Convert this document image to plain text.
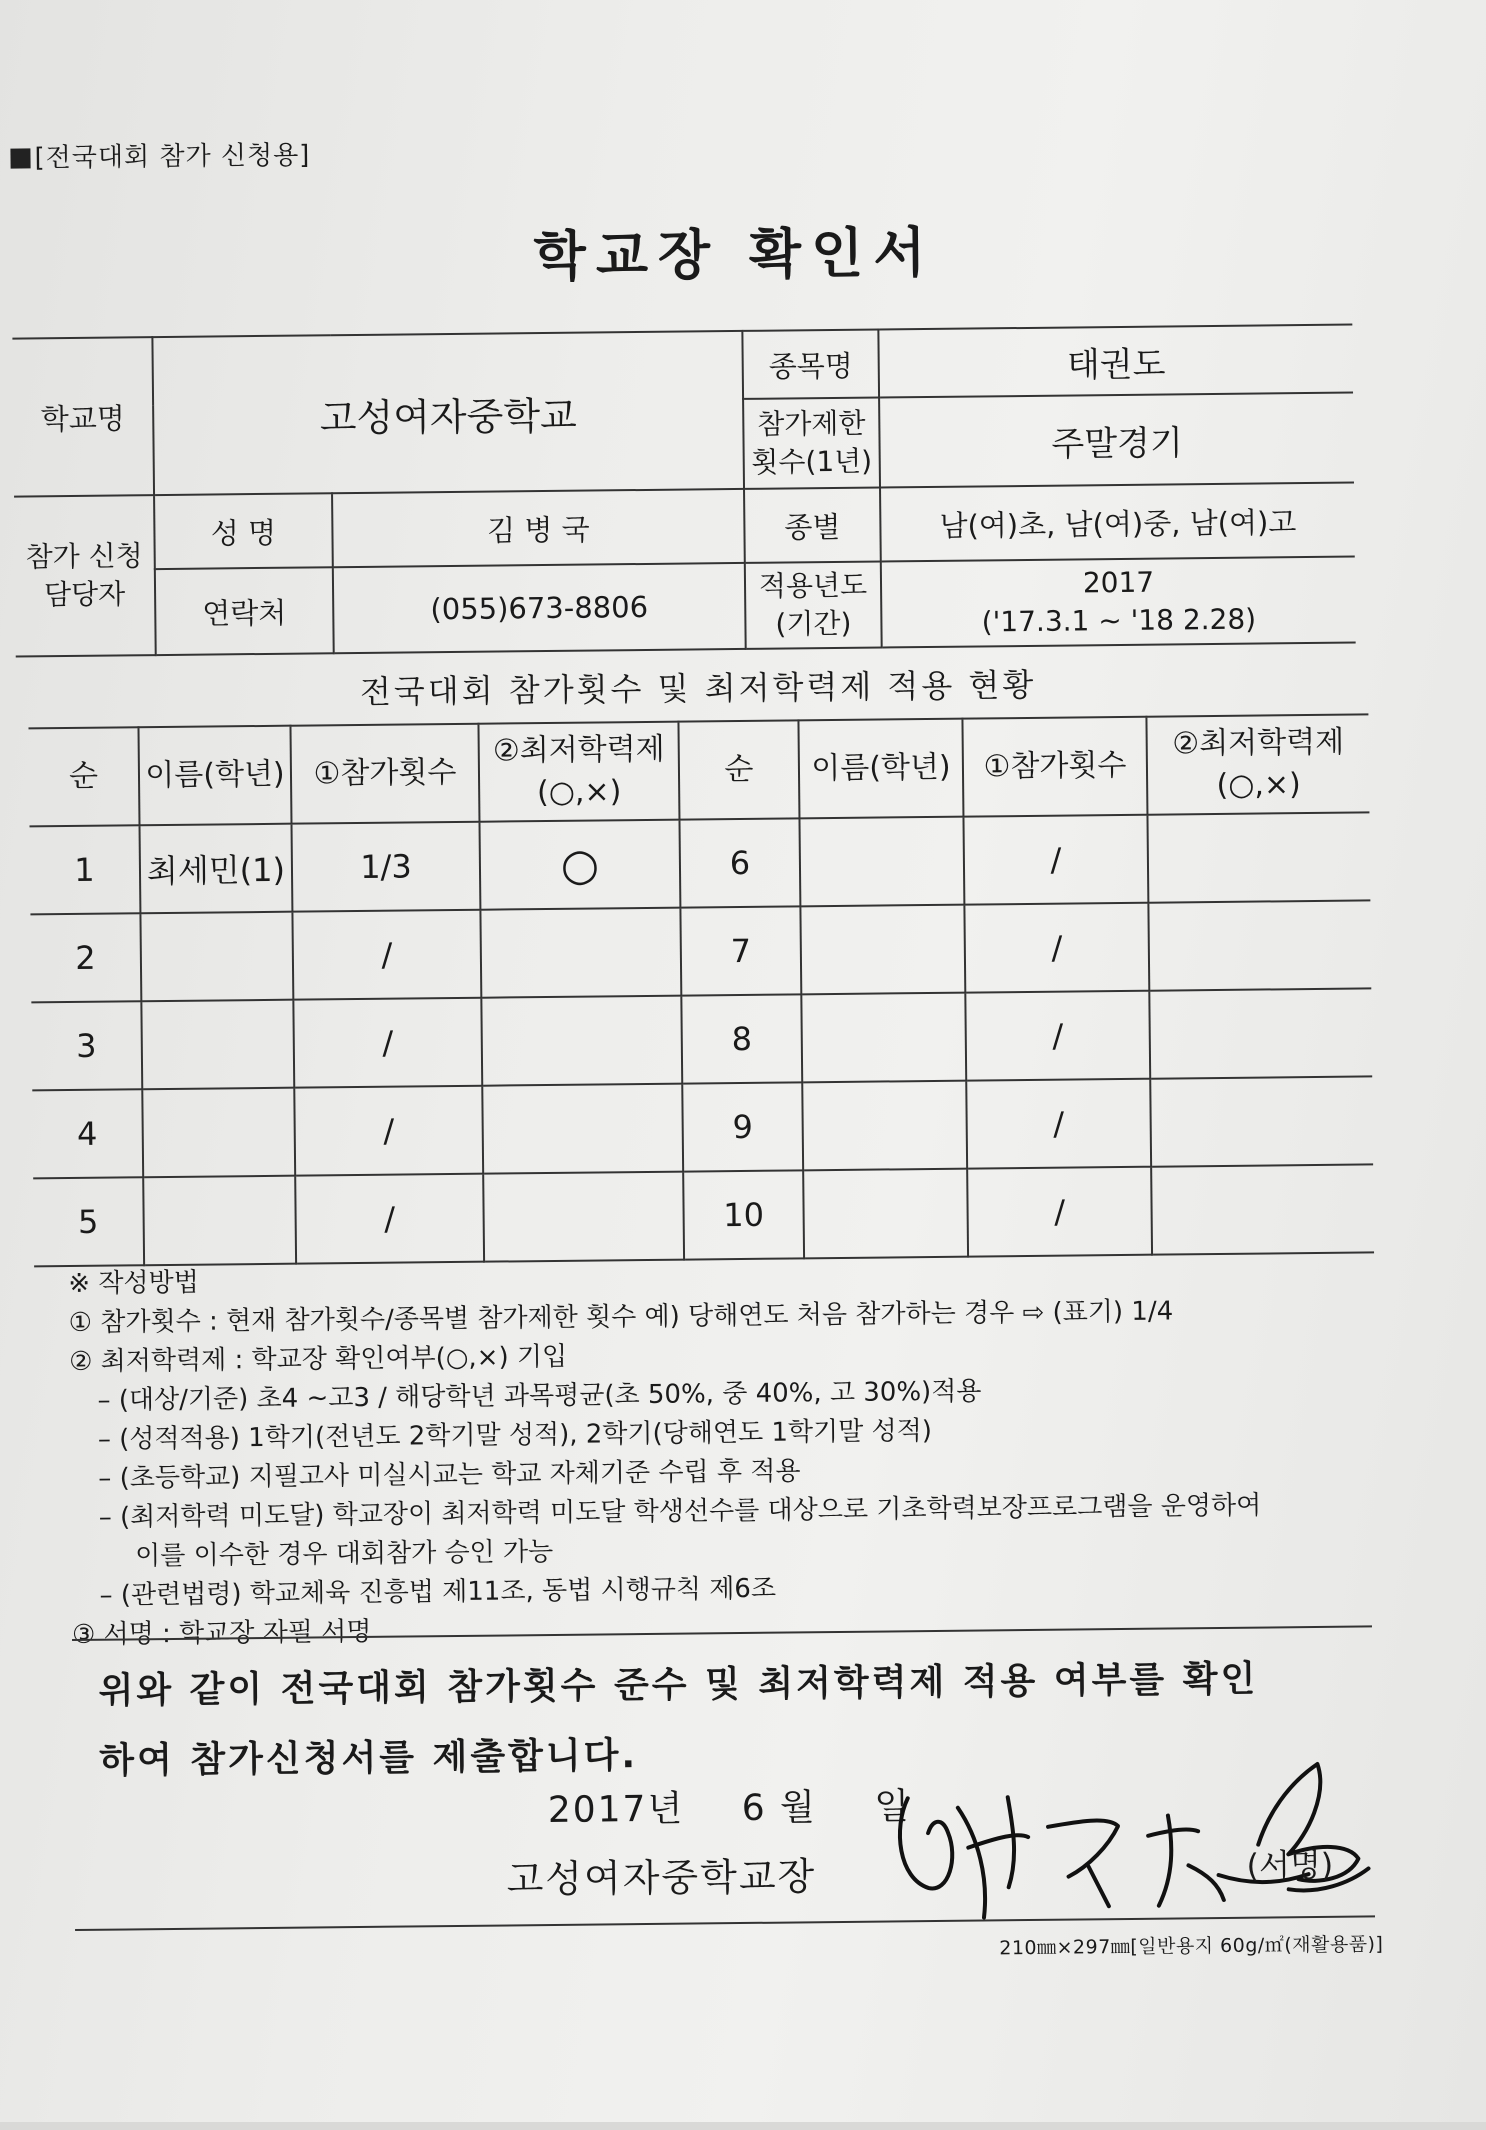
[전국대회 참가 신청용]
학교장 확인서
학교명	고성여자중학교		종목명	태권도
			참가제한 횟수(1년)	주말경기
참가 신청 담당자	성 명	김 병 국	종별	남(여)초, 남(여)중, 남(여)고
	연락처	(055)673-8806	적용년도 (기간)	2017
('17.3.1 ~ '18 2.28)
전국대회 참가횟수 및 최저학력제 적용 현황							
순	이름(학년)	①참가횟수	②최저학력제 (○,×)	순	이름(학년)	①참가횟수	②최저학력제 (○,×)
1	최세민(1)	1/3	○	6		/	
2		/		7		/	
3		/		8		/	
4		/		9		/	
5		/		10		/	
※ 작성방법
① 참가횟수 : 현재 참가횟수/종목별 참가제한 횟수 예) 당해연도 처음 참가하는 경우 ⇨ (표기) 1/4
② 최저학력제 : 학교장 확인여부(○,×) 기입
– (대상/기준) 초4 ~고3 / 해당학년 과목평균(초 50%, 중 40%, 고 30%)적용
– (성적적용) 1학기(전년도 2학기말 성적), 2학기(당해연도 1학기말 성적)
– (초등학교) 지필고사 미실시교는 학교 자체기준 수립 후 적용
– (최저학력 미도달) 학교장이 최저학력 미도달 학생선수를 대상으로 기초학력보장프로그램을 운영하여
이를 이수한 경우 대회참가 승인 가능
– (관련법령) 학교체육 진흥법 제11조, 동법 시행규칙 제6조
③ 서명 : 학교장 자필 서명
위와 같이 전국대회 참가횟수 준수 및 최저학력제 적용 여부를 확인
하여 참가신청서를 제출합니다.
2017년 6 월 일
고성여자중학교장	(서명)
210㎜×297㎜[일반용지 60g/㎡(재활용품)]
